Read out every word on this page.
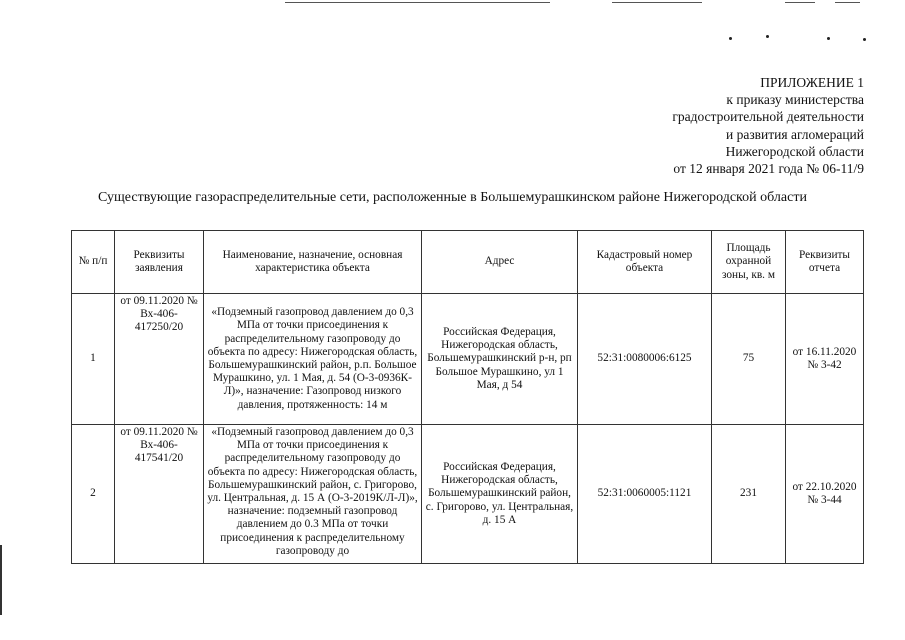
ПРИЛОЖЕНИЕ 1
к приказу министерства
градостроительной деятельности
и развития агломераций
Нижегородской области
от 12 января 2021 года № 06-11/9
Существующие газораспределительные сети, расположенные в Большемурашкинском районе Нижегородской области
№ п/п	Реквизиты заявления	Наименование, назначение, основная характеристика объекта	Адрес	Кадастровый номер объекта	Площадь охранной зоны, кв. м	Реквизиты отчета
1	от 09.11.2020 № Вх-406-417250/20	«Подземный газопровод давлением до 0,3 МПа от точки присоединения к распределительному газопроводу до объекта по адресу: Нижегородская область, Большемурашкинский район, р.п. Большое Мурашкино, ул. 1 Мая, д. 54 (О-3-0936К-Л)», назначение: Газопровод низкого давления, протяженность: 14 м	Российская Федерация, Нижегородская область, Большемурашкинский р-н, рп Большое Мурашкино, ул 1 Мая, д 54	52:31:0080006:6125	75	от 16.11.2020 № 3-42
2	от 09.11.2020 № Вх-406-417541/20	«Подземный газопровод давлением до 0,3 МПа от точки присоединения к распределительному газопроводу до объекта по адресу: Нижегородская область, Большемурашкинский район, с. Григорово, ул. Центральная, д. 15 А (О-3-2019К/Л-Л)», назначение: подземный газопровод давлением до 0.3 МПа от точки присоединения к распределительному газопроводу до	Российская Федерация, Нижегородская область, Большемурашкинский район, с. Григорово, ул. Центральная, д. 15 А	52:31:0060005:1121	231	от 22.10.2020 № 3-44
